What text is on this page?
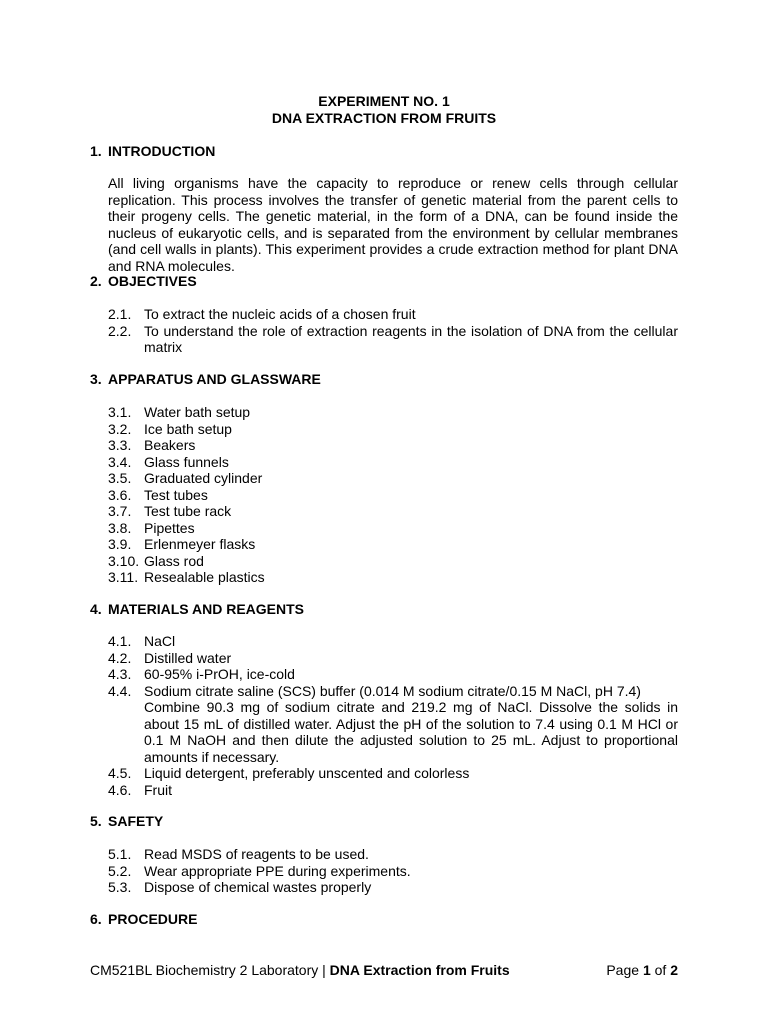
EXPERIMENT NO. 1
DNA EXTRACTION FROM FRUITS
1. INTRODUCTION

All living organisms have the capacity to reproduce or renew cells through cellular replication. This process involves the transfer of genetic material from the parent cells to their progeny cells. The genetic material, in the form of a DNA, can be found inside the nucleus of eukaryotic cells, and is separated from the environment by cellular membranes (and cell walls in plants). This experiment provides a crude extraction method for plant DNA and RNA molecules.

2. OBJECTIVES
2.1. To extract the nucleic acids of a chosen fruit
2.2. To understand the role of extraction reagents in the isolation of DNA from the cellular matrix
3. APPARATUS AND GLASSWARE
3.1. Water bath setup
3.2. Ice bath setup
3.3. Beakers
3.4. Glass funnels
3.5. Graduated cylinder
3.6. Test tubes
3.7. Test tube rack
3.8. Pipettes
3.9. Erlenmeyer flasks
3.10. Glass rod
3.11. Resealable plastics
4. MATERIALS AND REAGENTS
4.1. NaCl
4.2. Distilled water
4.3. 60-95% i-PrOH, ice-cold
4.4. Sodium citrate saline (SCS) buffer (0.014 M sodium citrate/0.15 M NaCl, pH 7.4)
Combine 90.3 mg of sodium citrate and 219.2 mg of NaCl. Dissolve the solids in about 15 mL of distilled water. Adjust the pH of the solution to 7.4 using 0.1 M HCl or 0.1 M NaOH and then dilute the adjusted solution to 25 mL. Adjust to proportional amounts if necessary.
4.5. Liquid detergent, preferably unscented and colorless
4.6. Fruit
5. SAFETY
5.1. Read MSDS of reagents to be used.
5.2. Wear appropriate PPE during experiments.
5.3. Dispose of chemical wastes properly
6. PROCEDURE
CM521BL Biochemistry 2 Laboratory | DNA Extraction from Fruits	Page 1 of 2
